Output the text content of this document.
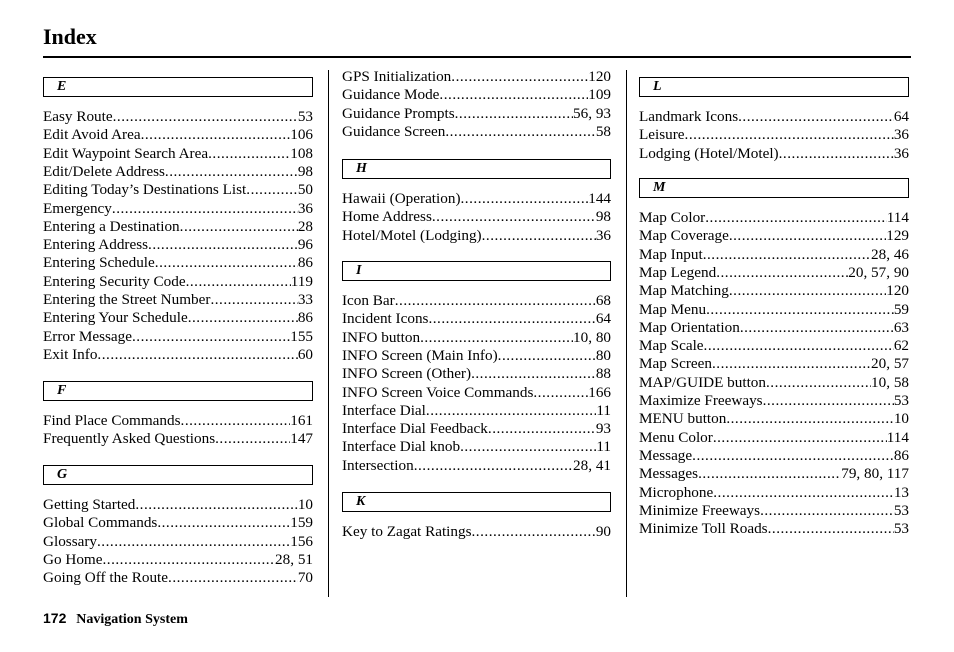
Index
E
Easy Route .....	53
Edit Avoid Area .....	106
Edit Waypoint Search Area .....	108
Edit/Delete Address .....	98
Editing Today’s Destinations List .....	50
Emergency .....	36
Entering a Destination .....	28
Entering Address .....	96
Entering Schedule .....	86
Entering Security Code .....	119
Entering the Street Number .....	33
Entering Your Schedule .....	86
Error Message .....	155
Exit Info .....	60
F
Find Place Commands .....	161
Frequently Asked Questions .....	147
G
Getting Started .....	10
Global Commands .....	159
Glossary .....	156
Go Home .....	28, 51
Going Off the Route .....	70
GPS Initialization .....	120
Guidance Mode .....	109
Guidance Prompts .....	56, 93
Guidance Screen .....	58
H
Hawaii (Operation) .....	144
Home Address .....	98
Hotel/Motel (Lodging) .....	36
I
Icon Bar .....	68
Incident Icons .....	64
INFO button .....	10, 80
INFO Screen (Main Info) .....	80
INFO Screen (Other) .....	88
INFO Screen Voice Commands .....	166
Interface Dial .....	11
Interface Dial Feedback .....	93
Interface Dial knob .....	11
Intersection .....	28, 41
K
Key to Zagat Ratings .....	90
L
Landmark Icons .....	64
Leisure .....	36
Lodging (Hotel/Motel) .....	36
M
Map Color .....	114
Map Coverage .....	129
Map Input .....	28, 46
Map Legend .....	20, 57, 90
Map Matching .....	120
Map Menu .....	59
Map Orientation .....	63
Map Scale .....	62
Map Screen .....	20, 57
MAP/GUIDE button .....	10, 58
Maximize Freeways .....	53
MENU button .....	10
Menu Color .....	114
Message .....	86
Messages .....	79, 80, 117
Microphone .....	13
Minimize Freeways .....	53
Minimize Toll Roads .....	53
172 Navigation System
